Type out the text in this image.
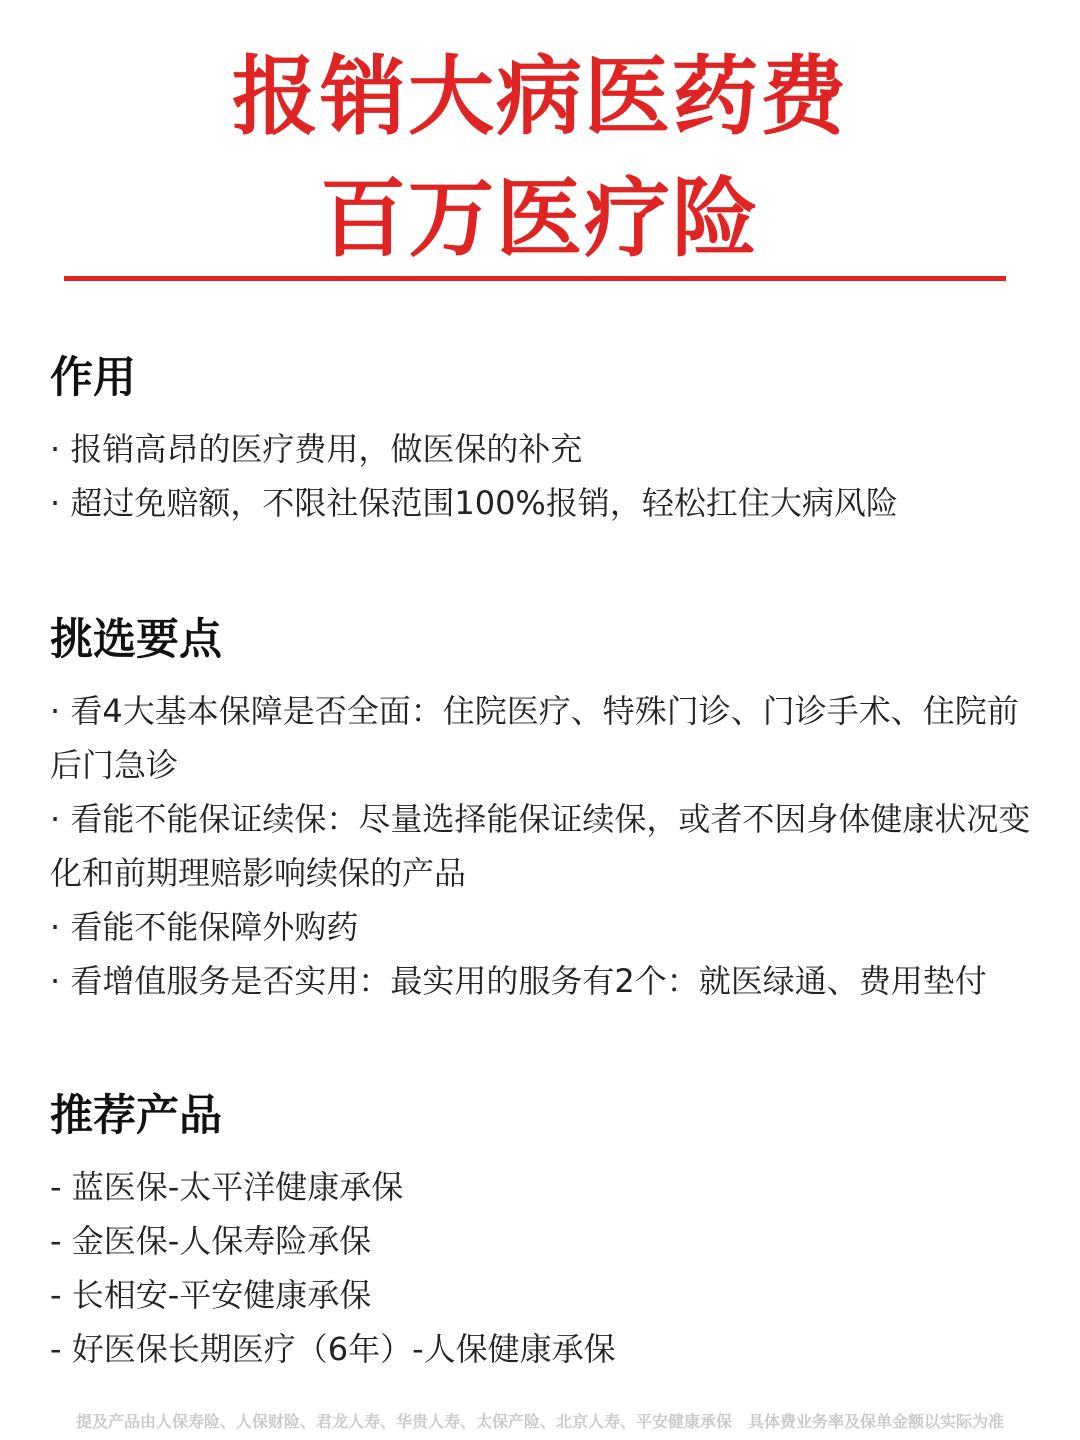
报销大病医药费
百万医疗险
作用
· 报销高昂的医疗费用，做医保的补充
· 超过免赔额，不限社保范围100%报销，轻松扛住大病风险
挑选要点
· 看4大基本保障是否全面：住院医疗、特殊门诊、门诊手术、住院前后门急诊
· 看能不能保证续保：尽量选择能保证续保，或者不因身体健康状况变化和前期理赔影响续保的产品
· 看能不能保障外购药
· 看增值服务是否实用：最实用的服务有2个：就医绿通、费用垫付
推荐产品
- 蓝医保-太平洋健康承保
- 金医保-人保寿险承保
- 长相安-平安健康承保
- 好医保长期医疗（6年）-人保健康承保
提及产品由人保寿险、人保财险、君龙人寿、华贵人寿、太保产险、北京人寿、平安健康承保　具体费业务率及保单金额以实际为准
